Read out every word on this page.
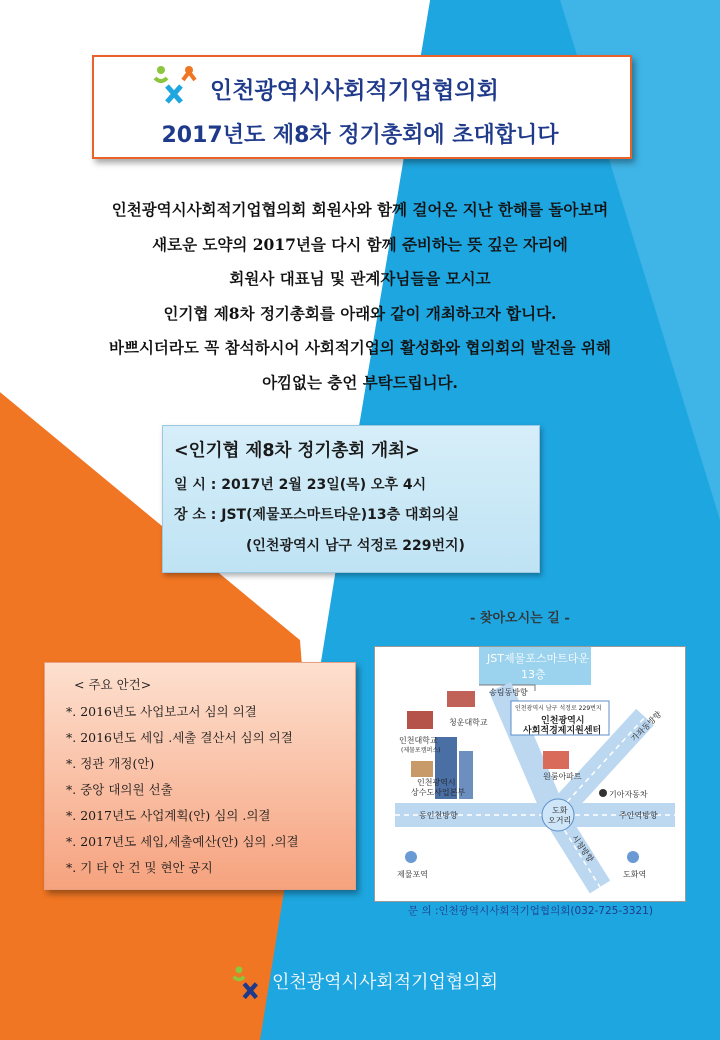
인천광역시사회적기업협의회
2017년도 제8차 정기총회에 초대합니다
인천광역시사회적기업협의회 회원사와 함께 걸어온 지난 한해를 돌아보며
새로운 도약의 2017년을 다시 함께 준비하는 뜻 깊은 자리에
회원사 대표님 및 관계자님들을 모시고
인기협 제8차 정기총회를 아래와 같이 개최하고자 합니다.
바쁘시더라도 꼭 참석하시어 사회적기업의 활성화와 협의회의 발전을 위해
아낌없는 충언 부탁드립니다.
<인기협 제8차 정기총회 개최>
일 시 : 2017년 2월 23일(목) 오후 4시
장 소 : JST(제물포스마트타운)13층 대회의실
(인천광역시 남구 석정로 229번지)
< 주요 안건>
*. 2016년도 사업보고서 심의 의결
*. 2016년도 세입 .세출 결산서 심의 의결
*. 정관 개정(안)
*. 중앙 대의원 선출
*. 2017년도 사업계획(안) 심의 .의결
*. 2017년도 세입,세출예산(안) 심의 .의결
*. 기 타 안 건 및 현안 공지
- 찾아오시는 길 -
JST제물포스마트타운
13층
송림동방향
청운대학교
인천대학교
(제물포캠퍼스)
인천광역시 남구 석정로 229번지
인천광역시
사회적경제지원센터	가좌동방향
원룸아파트
기아자동차
인천광역시
상수도사업본부
도화
오거리
동인천방향	주안역방향
시청방향
제물포역	도화역
문 의 :인천광역시사회적기업협의회(032-725-3321)
인천광역시사회적기업협의회
